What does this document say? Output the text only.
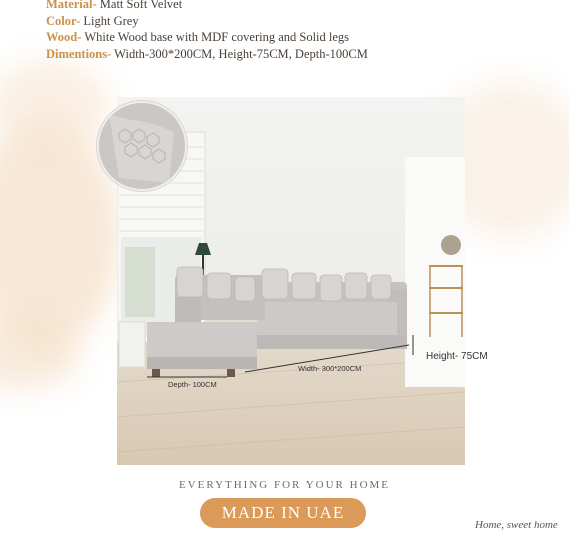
Material- Matt Soft Velvet
Color- Light Grey
Wood- White Wood base with MDF covering and Solid legs
Dimentions- Width-300*200CM, Height-75CM, Depth-100CM
Height- 75CM
Width- 300*200CM
Depth- 100CM
EVERYTHING FOR YOUR HOME
MADE IN UAE
Home, sweet home
